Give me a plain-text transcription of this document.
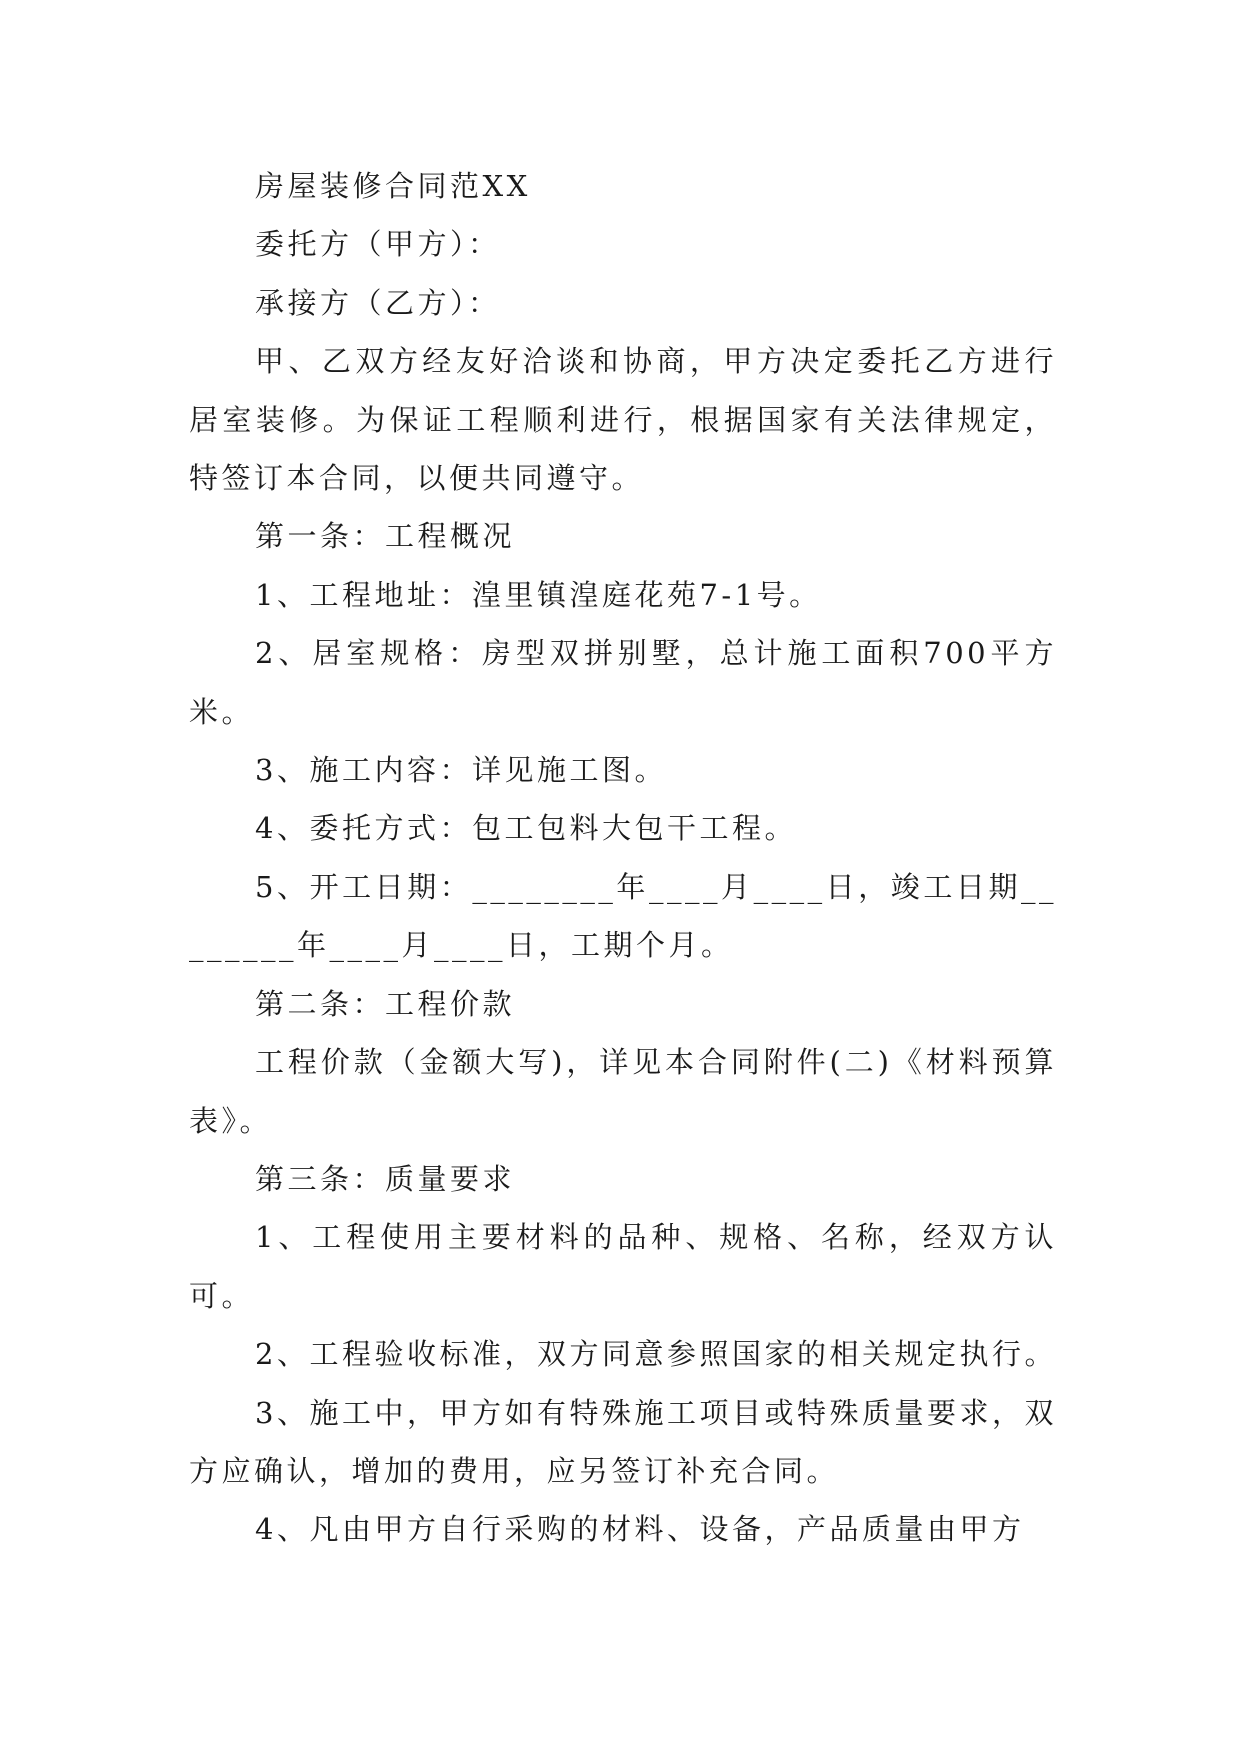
房屋装修合同范XX

委托方（甲方）：

承接方（乙方）：

甲、乙双方经友好洽谈和协商，甲方决定委托乙方进行居室装修。为保证工程顺利进行，根据国家有关法律规定，特签订本合同，以便共同遵守。

第一条：工程概况

1、工程地址：湟里镇湟庭花苑7-1号。

2、居室规格：房型双拼别墅，总计施工面积700平方米。

3、施工内容：详见施工图。

4、委托方式：包工包料大包干工程。

5、开工日期：________年____月____日，竣工日期________年____月____日，工期个月。

第二条：工程价款

工程价款（金额大写)，详见本合同附件(二)《材料预算表》。

第三条：质量要求

1、工程使用主要材料的品种、规格、名称，经双方认可。

2、工程验收标准，双方同意参照国家的相关规定执行。

3、施工中，甲方如有特殊施工项目或特殊质量要求，双方应确认，增加的费用，应另签订补充合同。

4、凡由甲方自行采购的材料、设备，产品质量由甲方
